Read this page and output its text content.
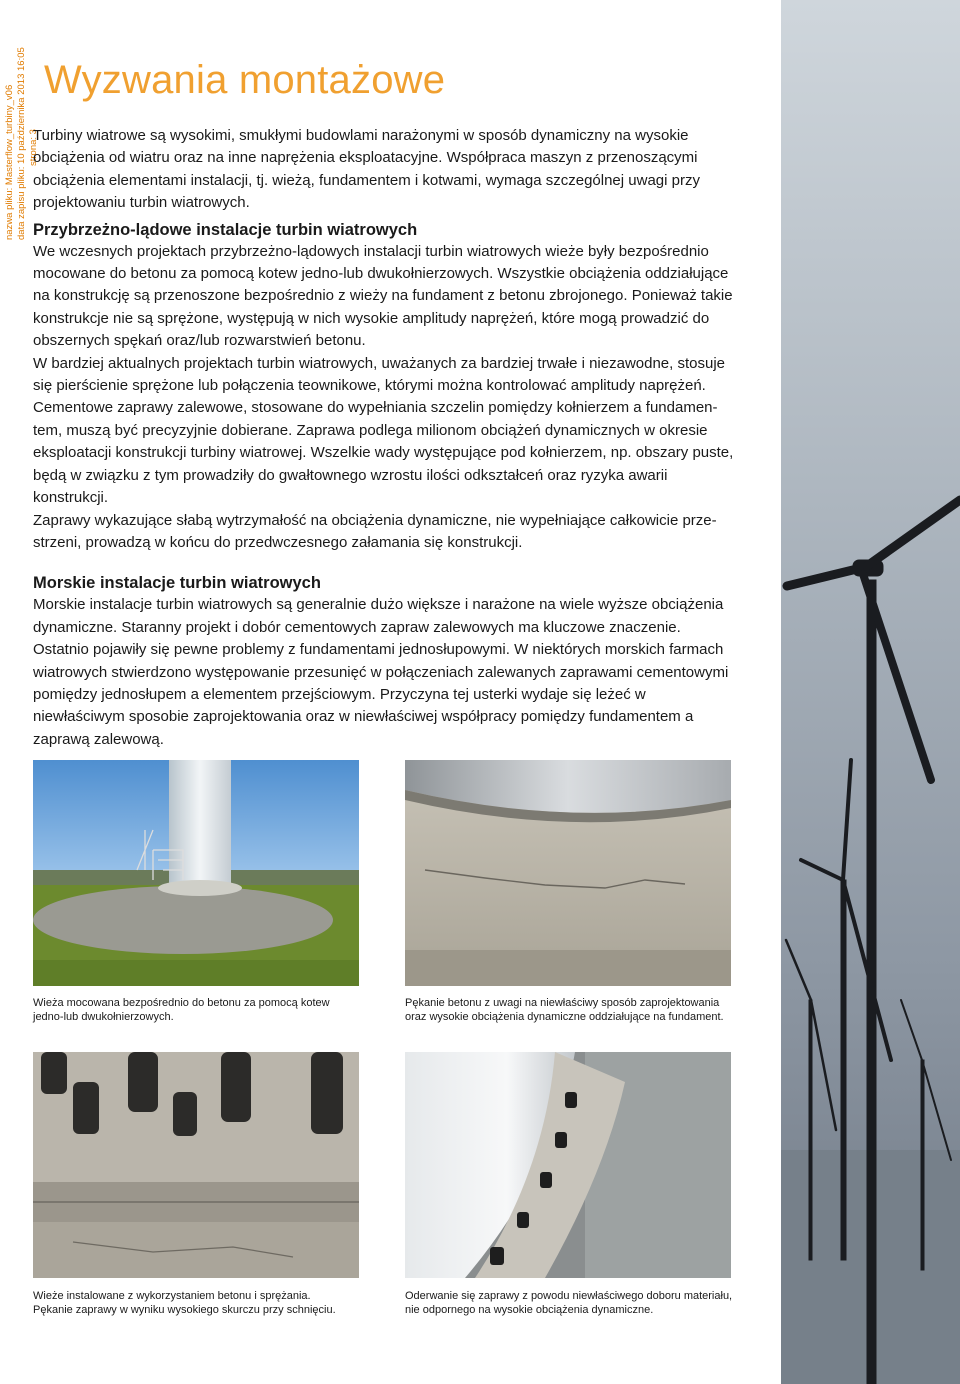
nazwa pliku: Masterflow_turbiny_v06 data zapisu pliku: 10 października 2013 16:05 strona: 3
Wyzwania montażowe

Turbiny wiatrowe są wysokimi, smukłymi budowlami narażonymi w sposób dynamiczny na wysokie obciążenia od wiatru oraz na inne naprężenia eksploatacyjne. Współpraca maszyn z przenoszącymi obciążenia elementami instalacji, tj. wieżą, fundamentem i kotwami, wymaga szczególnej uwagi przy projektowaniu turbin wiatrowych.

Przybrzeżno-lądowe instalacje turbin wiatrowych

We wczesnych projektach przybrzeżno-lądowych instalacji turbin wiatrowych wieże były bezpośrednio mocowane do betonu za pomocą kotew jedno-lub dwukołnierzowych. Wszystkie obciążenia oddziałujące na konstrukcję są przenoszone bezpośrednio z wieży na fundament z betonu zbrojonego. Ponieważ takie konstrukcje nie są sprężone, występują w nich wysokie amplitudy naprężeń, które mogą prowadzić do obszernych spękań oraz/lub rozwarstwień betonu.

W bardziej aktualnych projektach turbin wiatrowych, uważanych za bardziej trwałe i niezawodne, stosuje się pierścienie sprężone lub połączenia teownikowe, którymi można kontrolować amplitudy naprężeń.

Cementowe zaprawy zalewowe, stosowane do wypełniania szczelin pomiędzy kołnierzem a fundamentem, muszą być precyzyjnie dobierane. Zaprawa podlega milionom obciążeń dynamicznych w okresie eksploatacji konstrukcji turbiny wiatrowej. Wszelkie wady występujące pod kołnierzem, np. obszary puste, będą w związku z tym prowadziły do gwałtownego wzrostu ilości odkształceń oraz ryzyka awarii konstrukcji.

Zaprawy wykazujące słabą wytrzymałość na obciążenia dynamiczne, nie wypełniające całkowicie przestrzeni, prowadzą w końcu do przedwczesnego załamania się konstrukcji.

Morskie instalacje turbin wiatrowych

Morskie instalacje turbin wiatrowych są generalnie dużo większe i narażone na wiele wyższe obciążenia dynamiczne. Staranny projekt i dobór cementowych zapraw zalewowych ma kluczowe znaczenie. Ostatnio pojawiły się pewne problemy z fundamentami jednosłupowymi. W niektórych morskich farmach wiatrowych stwierdzono występowanie przesunięć w połączeniach zalewanych zaprawami cementowymi pomiędzy jednosłupem a elementem przejściowym. Przyczyna tej usterki wydaje się leżeć w niewłaściwym sposobie zaprojektowania oraz w niewłaściwej współpracy pomiędzy fundamentem a zaprawą zalewową.

Wieża mocowana bezpośrednio do betonu za pomocą kotew jedno-lub dwukołnierzowych.
Pękanie betonu z uwagi na niewłaściwy sposób zaprojektowania oraz wysokie obciążenia dynamiczne oddziałujące na fundament.
Wieże instalowane z wykorzystaniem betonu i sprężania.
Pękanie zaprawy w wyniku wysokiego skurczu przy schnięciu.
Oderwanie się zaprawy z powodu niewłaściwego doboru materiału, nie odpornego na wysokie obciążenia dynamiczne.
